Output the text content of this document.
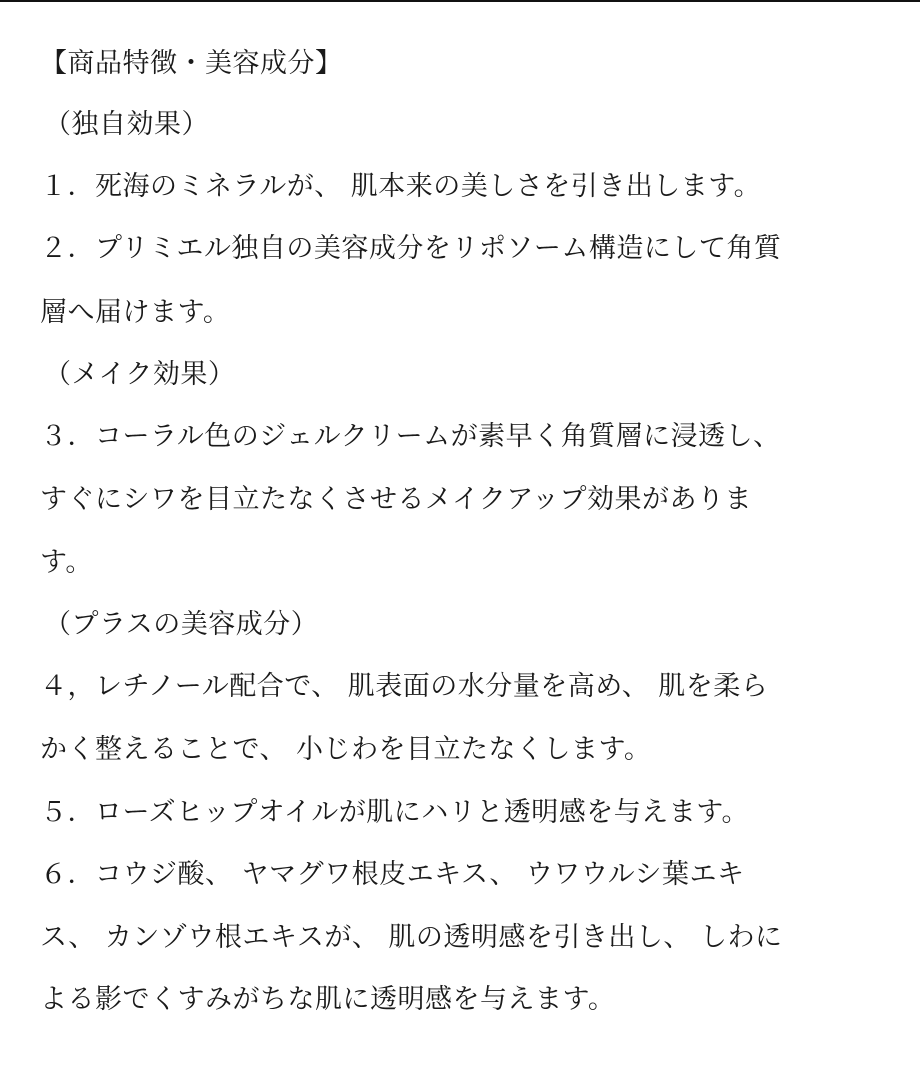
【商品特徴・美容成分】
（独自効果）
１．死海のミネラルが、 肌本来の美しさを引き出します。
２．プリミエル独自の美容成分をリポソーム構造にして角質
層へ届けます。
（メイク効果）
３．コーラル色のジェルクリームが素早く角質層に浸透し、
すぐにシワを目立たなくさせるメイクアップ効果がありま
す。
（プラスの美容成分）
４，レチノール配合で、 肌表面の水分量を高め、 肌を柔ら
かく整えることで、 小じわを目立たなくします。
５．ローズヒップオイルが肌にハリと透明感を与えます。
６．コウジ酸、 ヤマグワ根皮エキス、 ウワウルシ葉エキ
ス、 カンゾウ根エキスが、 肌の透明感を引き出し、 しわに
よる影でくすみがちな肌に透明感を与えます。
